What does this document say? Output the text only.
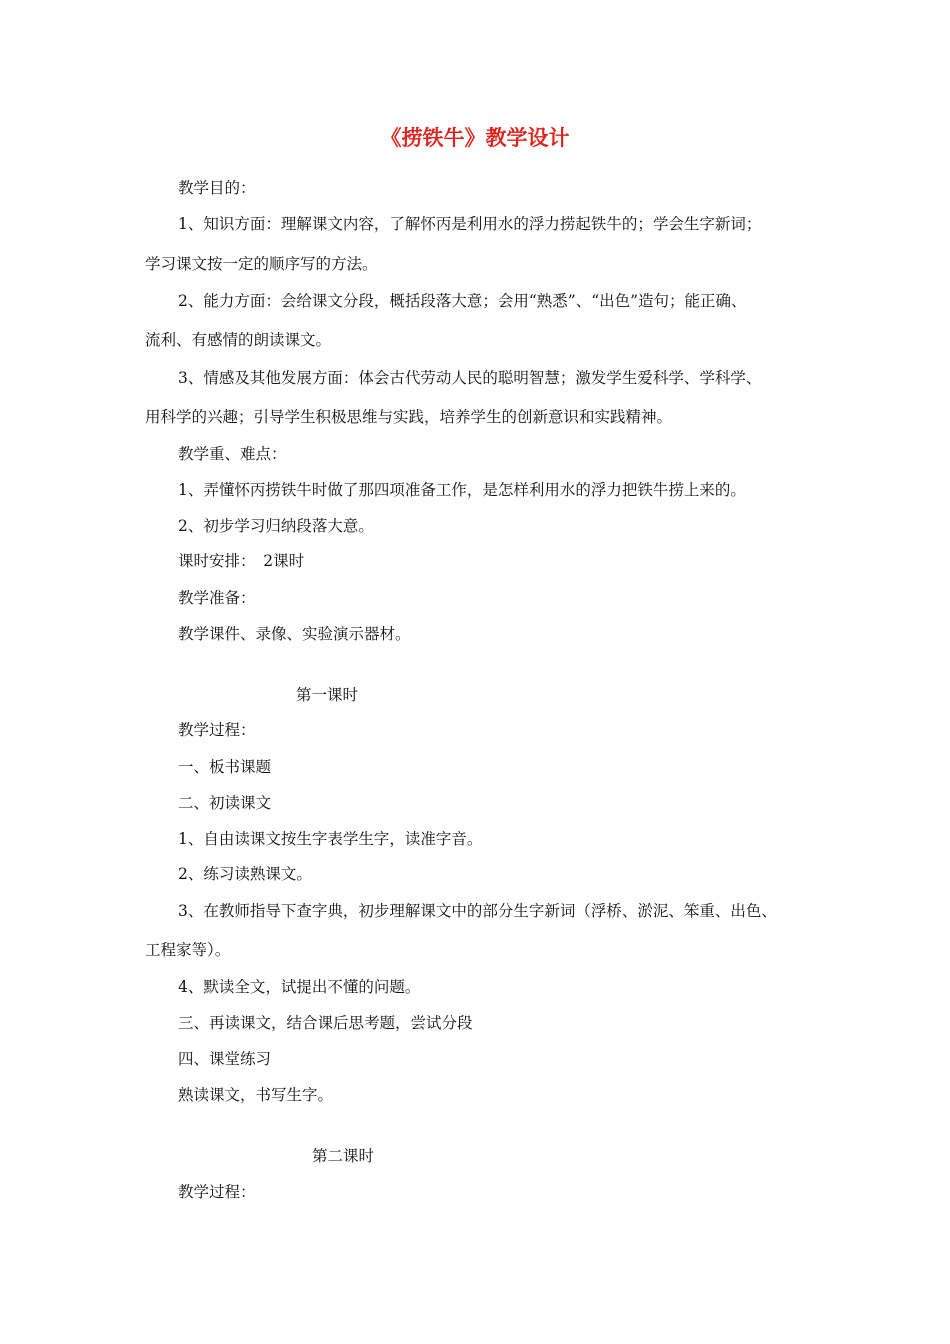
《捞铁牛》教学设计
教学目的：
1、知识方面：理解课文内容，了解怀丙是利用水的浮力捞起铁牛的；学会生字新词；
学习课文按一定的顺序写的方法。
2、能力方面：会给课文分段，概括段落大意；会用“熟悉”、“出色”造句；能正确、
流利、有感情的朗读课文。
3、情感及其他发展方面：体会古代劳动人民的聪明智慧；激发学生爱科学、学科学、
用科学的兴趣；引导学生积极思维与实践，培养学生的创新意识和实践精神。
教学重、难点：
1、弄懂怀丙捞铁牛时做了那四项准备工作，是怎样利用水的浮力把铁牛捞上来的。
2、初步学习归纳段落大意。
课时安排：　2课时
教学准备：
教学课件、录像、实验演示器材。
第一课时
教学过程：
一、板书课题
二、初读课文
1、自由读课文按生字表学生字，读准字音。
2、练习读熟课文。
3、在教师指导下查字典，初步理解课文中的部分生字新词（浮桥、淤泥、笨重、出色、
工程家等）。
4、默读全文，试提出不懂的问题。
三、再读课文，结合课后思考题，尝试分段
四、课堂练习
熟读课文，书写生字。
第二课时
教学过程：
